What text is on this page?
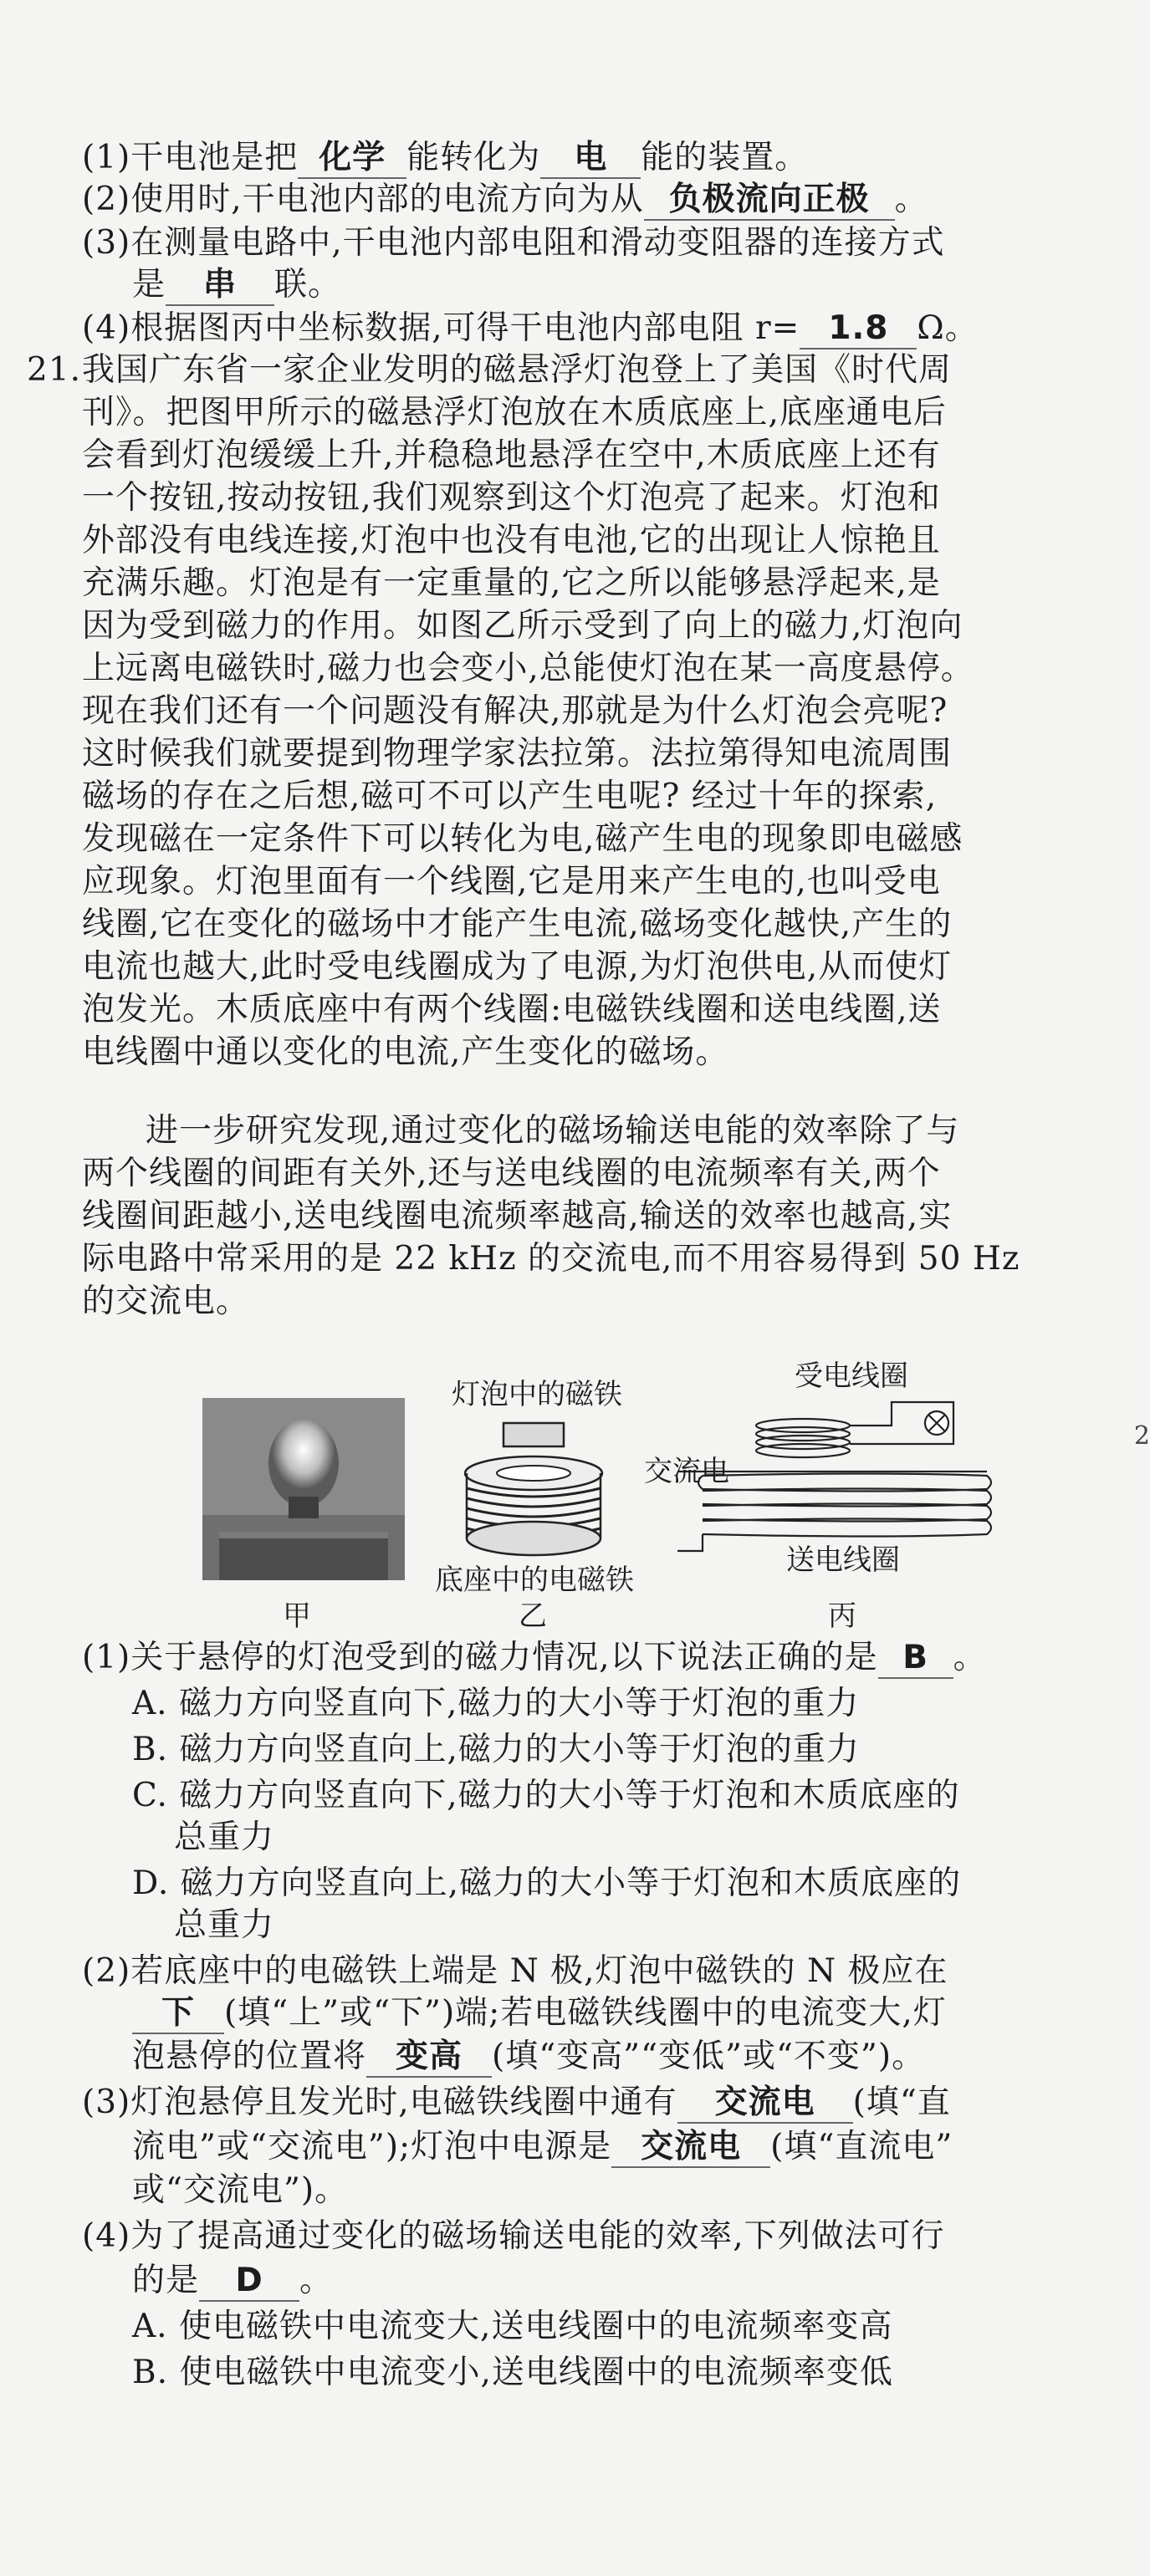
(1)干电池是把 化学 能转化为 电 能的装置。
(2)使用时,干电池内部的电流方向为从 负极流向正极 。
(3)在测量电路中,干电池内部电阻和滑动变阻器的连接方式
是 串 联。
(4)根据图丙中坐标数据,可得干电池内部电阻 r= 1.8 Ω。
21. 我国广东省一家企业发明的磁悬浮灯泡登上了美国《时代周
刊》。把图甲所示的磁悬浮灯泡放在木质底座上,底座通电后
会看到灯泡缓缓上升,并稳稳地悬浮在空中,木质底座上还有
一个按钮,按动按钮,我们观察到这个灯泡亮了起来。灯泡和
外部没有电线连接,灯泡中也没有电池,它的出现让人惊艳且
充满乐趣。灯泡是有一定重量的,它之所以能够悬浮起来,是
因为受到磁力的作用。如图乙所示受到了向上的磁力,灯泡向
上远离电磁铁时,磁力也会变小,总能使灯泡在某一高度悬停。
现在我们还有一个问题没有解决,那就是为什么灯泡会亮呢?
这时候我们就要提到物理学家法拉第。法拉第得知电流周围
磁场的存在之后想,磁可不可以产生电呢? 经过十年的探索,
发现磁在一定条件下可以转化为电,磁产生电的现象即电磁感
应现象。灯泡里面有一个线圈,它是用来产生电的,也叫受电
线圈,它在变化的磁场中才能产生电流,磁场变化越快,产生的
电流也越大,此时受电线圈成为了电源,为灯泡供电,从而使灯
泡发光。木质底座中有两个线圈:电磁铁线圈和送电线圈,送
电线圈中通以变化的电流,产生变化的磁场。
进一步研究发现,通过变化的磁场输送电能的效率除了与
两个线圈的间距有关外,还与送电线圈的电流频率有关,两个
线圈间距越小,送电线圈电流频率越高,输送的效率也越高,实
际电路中常采用的是 22 kHz 的交流电,而不用容易得到 50 Hz
的交流电。
甲
灯泡中的磁铁
底座中的电磁铁
乙
受电线圈
交流电
送电线圈
丙
(1)关于悬停的灯泡受到的磁力情况,以下说法正确的是 B 。
A. 磁力方向竖直向下,磁力的大小等于灯泡的重力
B. 磁力方向竖直向上,磁力的大小等于灯泡的重力
C. 磁力方向竖直向下,磁力的大小等于灯泡和木质底座的
总重力
D. 磁力方向竖直向上,磁力的大小等于灯泡和木质底座的
总重力
(2)若底座中的电磁铁上端是 N 极,灯泡中磁铁的 N 极应在
下 (填“上”或“下”)端;若电磁铁线圈中的电流变大,灯
泡悬停的位置将 变高 (填“变高”“变低”或“不变”)。
(3)灯泡悬停且发光时,电磁铁线圈中通有 交流电 (填“直
流电”或“交流电”);灯泡中电源是 交流电 (填“直流电”
或“交流电”)。
(4)为了提高通过变化的磁场输送电能的效率,下列做法可行
的是 D 。
A. 使电磁铁中电流变大,送电线圈中的电流频率变高
B. 使电磁铁中电流变小,送电线圈中的电流频率变低
2
